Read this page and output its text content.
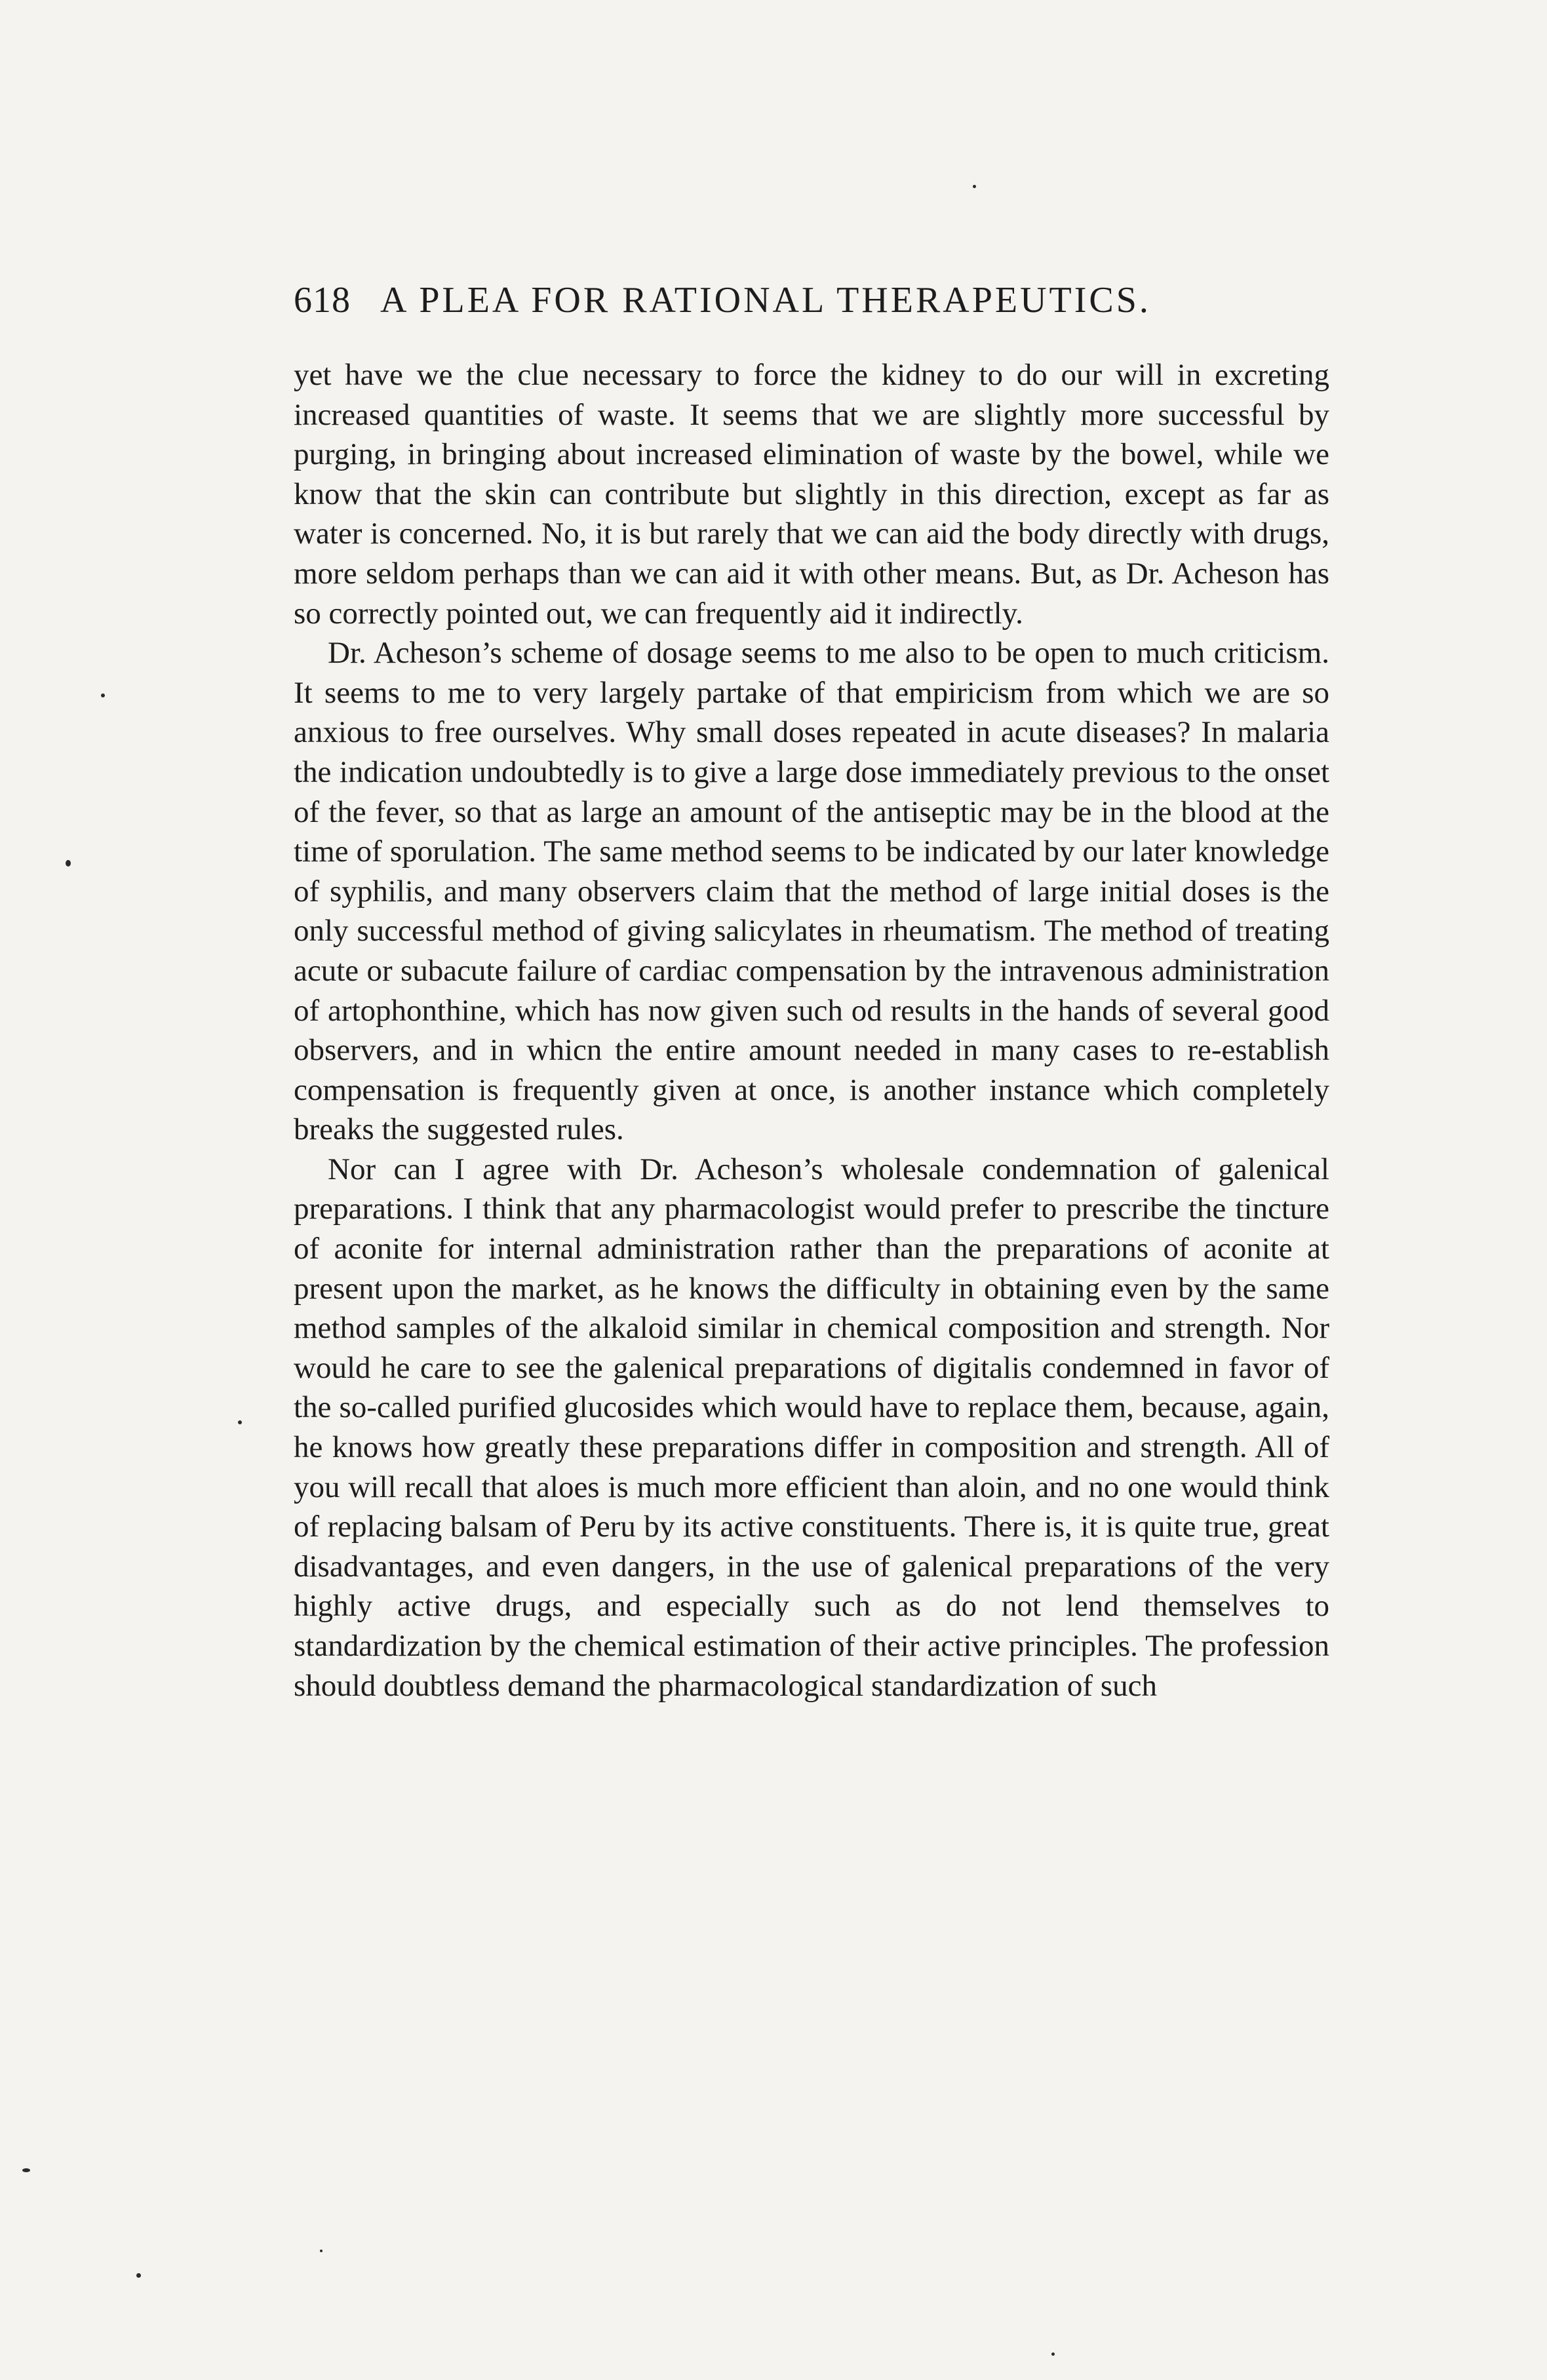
618 A PLEA FOR RATIONAL THERAPEUTICS.

yet have we the clue necessary to force the kidney to do our will in excreting increased quantities of waste. It seems that we are slightly more successful by purging, in bringing about increased elimination of waste by the bowel, while we know that the skin can contribute but slightly in this direction, except as far as water is concerned. No, it is but rarely that we can aid the body directly with drugs, more seldom perhaps than we can aid it with other means. But, as Dr. Acheson has so correctly pointed out, we can frequently aid it indirectly.

Dr. Acheson’s scheme of dosage seems to me also to be open to much criticism. It seems to me to very largely partake of that empiricism from which we are so anxious to free ourselves. Why small doses repeated in acute diseases? In malaria the indication undoubtedly is to give a large dose immediately previous to the onset of the fever, so that as large an amount of the antiseptic may be in the blood at the time of sporulation. The same method seems to be indicated by our later knowledge of syphilis, and many observers claim that the method of large initial doses is the only successful method of giving salicylates in rheumatism. The method of treating acute or subacute failure of cardiac compensation by the intravenous administration of artophonthine, which has now given such od results in the hands of several good observers, and in whicn the entire amount needed in many cases to re-establish compensation is frequently given at once, is another instance which completely breaks the suggested rules.

Nor can I agree with Dr. Acheson’s wholesale condemnation of galenical preparations. I think that any pharmacologist would prefer to prescribe the tincture of aconite for internal administration rather than the preparations of aconite at present upon the market, as he knows the difficulty in obtaining even by the same method samples of the alkaloid similar in chemical composition and strength. Nor would he care to see the galenical preparations of digitalis condemned in favor of the so-called purified glucosides which would have to replace them, because, again, he knows how greatly these preparations differ in composition and strength. All of you will recall that aloes is much more efficient than aloin, and no one would think of replacing balsam of Peru by its active constituents. There is, it is quite true, great disadvantages, and even dangers, in the use of galenical preparations of the very highly active drugs, and especially such as do not lend themselves to standardization by the chemical estimation of their active principles. The profession should doubtless demand the pharmacological standardization of such
